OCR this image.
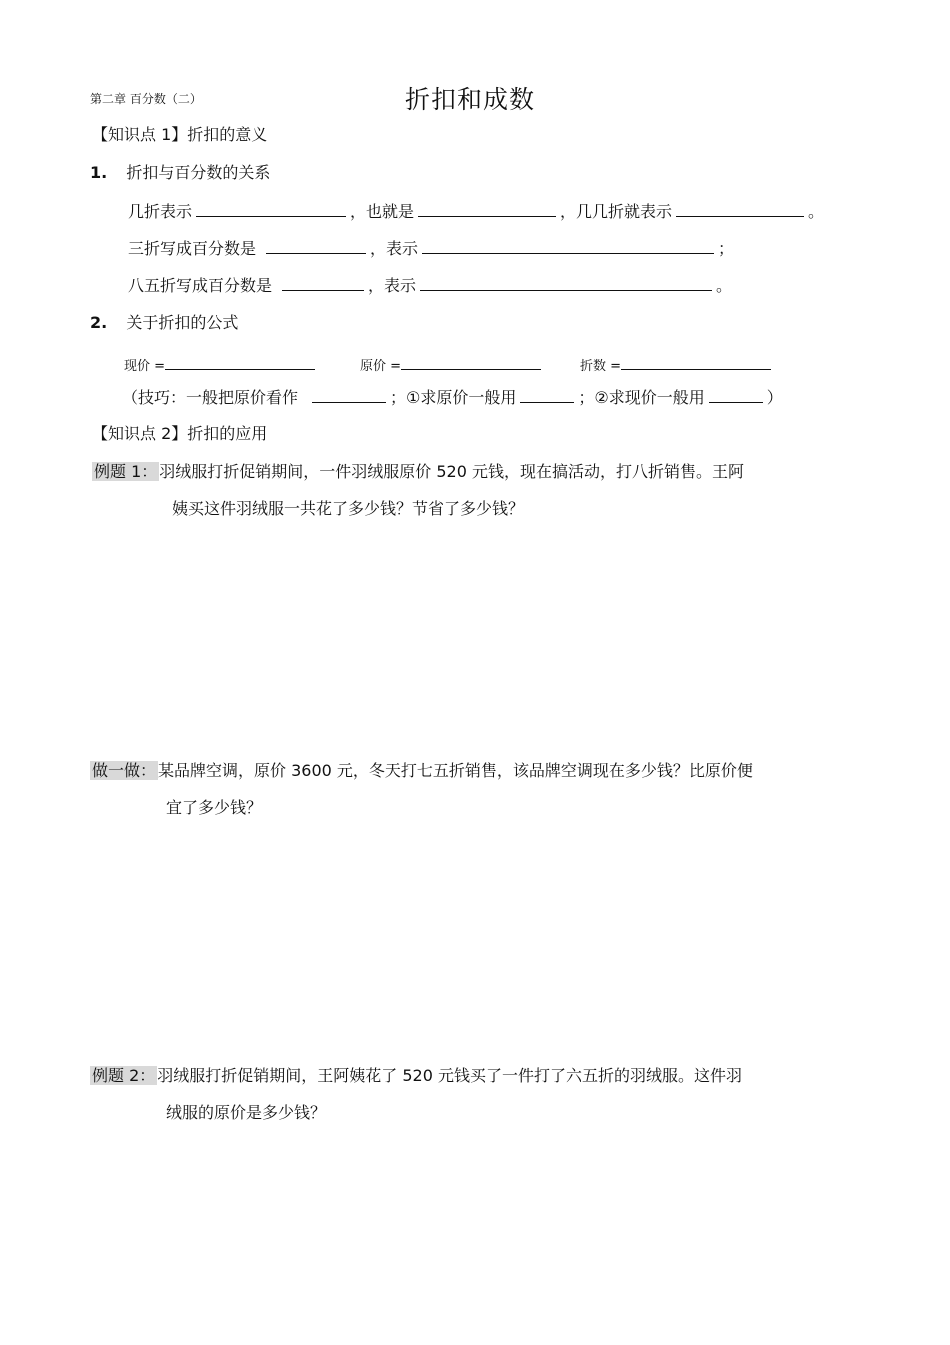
第二章 百分数（二）	折扣和成数
【知识点 1】折扣的意义
1. 折扣与百分数的关系
几折表示	，也就是	，几几折就表示	。
三折写成百分数是	，表示	；
八五折写成百分数是	，表示	。
2. 关于折扣的公式
现价 =	原价 =	折数 =
（技巧：一般把原价看作	；①求原价一般用	；②求现价一般用	）
【知识点 2】折扣的应用
例题 1： 羽绒服打折促销期间，一件羽绒服原价 520 元钱，现在搞活动，打八折销售。王阿
姨买这件羽绒服一共花了多少钱？节省了多少钱？
做一做： 某品牌空调，原价 3600 元，冬天打七五折销售，该品牌空调现在多少钱？比原价便
宜了多少钱？
例题 2： 羽绒服打折促销期间，王阿姨花了 520 元钱买了一件打了六五折的羽绒服。这件羽
绒服的原价是多少钱？
